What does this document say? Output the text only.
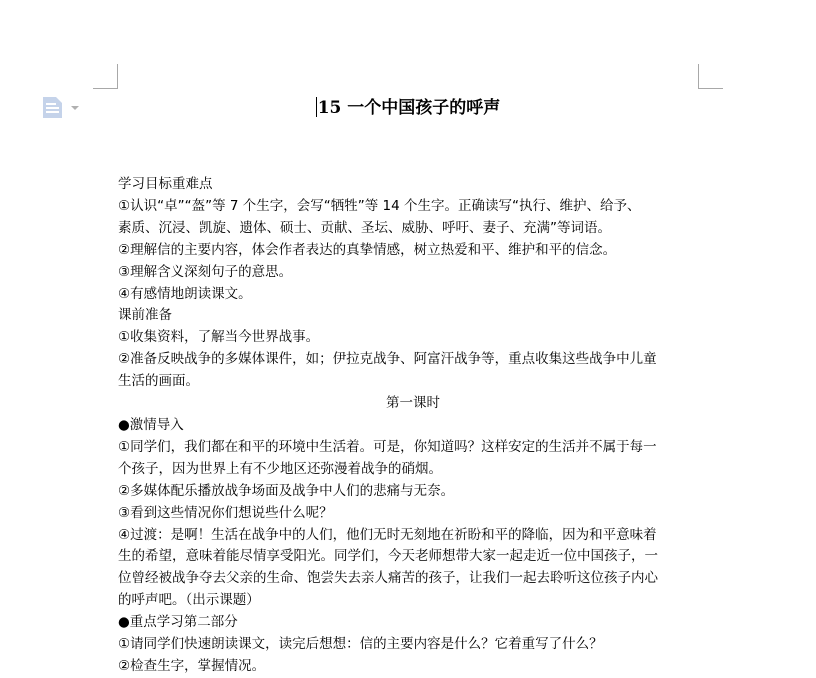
15 一个中国孩子的呼声
学习目标重难点
①认识“卓”“盔”等 7 个生字，会写“牺牲”等 14 个生字。正确读写“执行、维护、给予、
素质、沉浸、凯旋、遗体、硕士、贡献、圣坛、威胁、呼吁、妻子、充满”等词语。
②理解信的主要内容，体会作者表达的真挚情感，树立热爱和平、维护和平的信念。
③理解含义深刻句子的意思。
④有感情地朗读课文。
课前准备
①收集资料，了解当今世界战事。
②准备反映战争的多媒体课件，如；伊拉克战争、阿富汗战争等，重点收集这些战争中儿童
生活的画面。
第一课时
●激情导入
①同学们，我们都在和平的环境中生活着。可是，你知道吗？这样安定的生活并不属于每一
个孩子，因为世界上有不少地区还弥漫着战争的硝烟。
②多媒体配乐播放战争场面及战争中人们的悲痛与无奈。
③看到这些情况你们想说些什么呢？
④过渡：是啊！生活在战争中的人们，他们无时无刻地在祈盼和平的降临，因为和平意味着
生的希望，意味着能尽情享受阳光。同学们，今天老师想带大家一起走近一位中国孩子，一
位曾经被战争夺去父亲的生命、饱尝失去亲人痛苦的孩子，让我们一起去聆听这位孩子内心
的呼声吧。（出示课题）
●重点学习第二部分
①请同学们快速朗读课文，读完后想想：信的主要内容是什么？它着重写了什么？
②检查生字，掌握情况。
